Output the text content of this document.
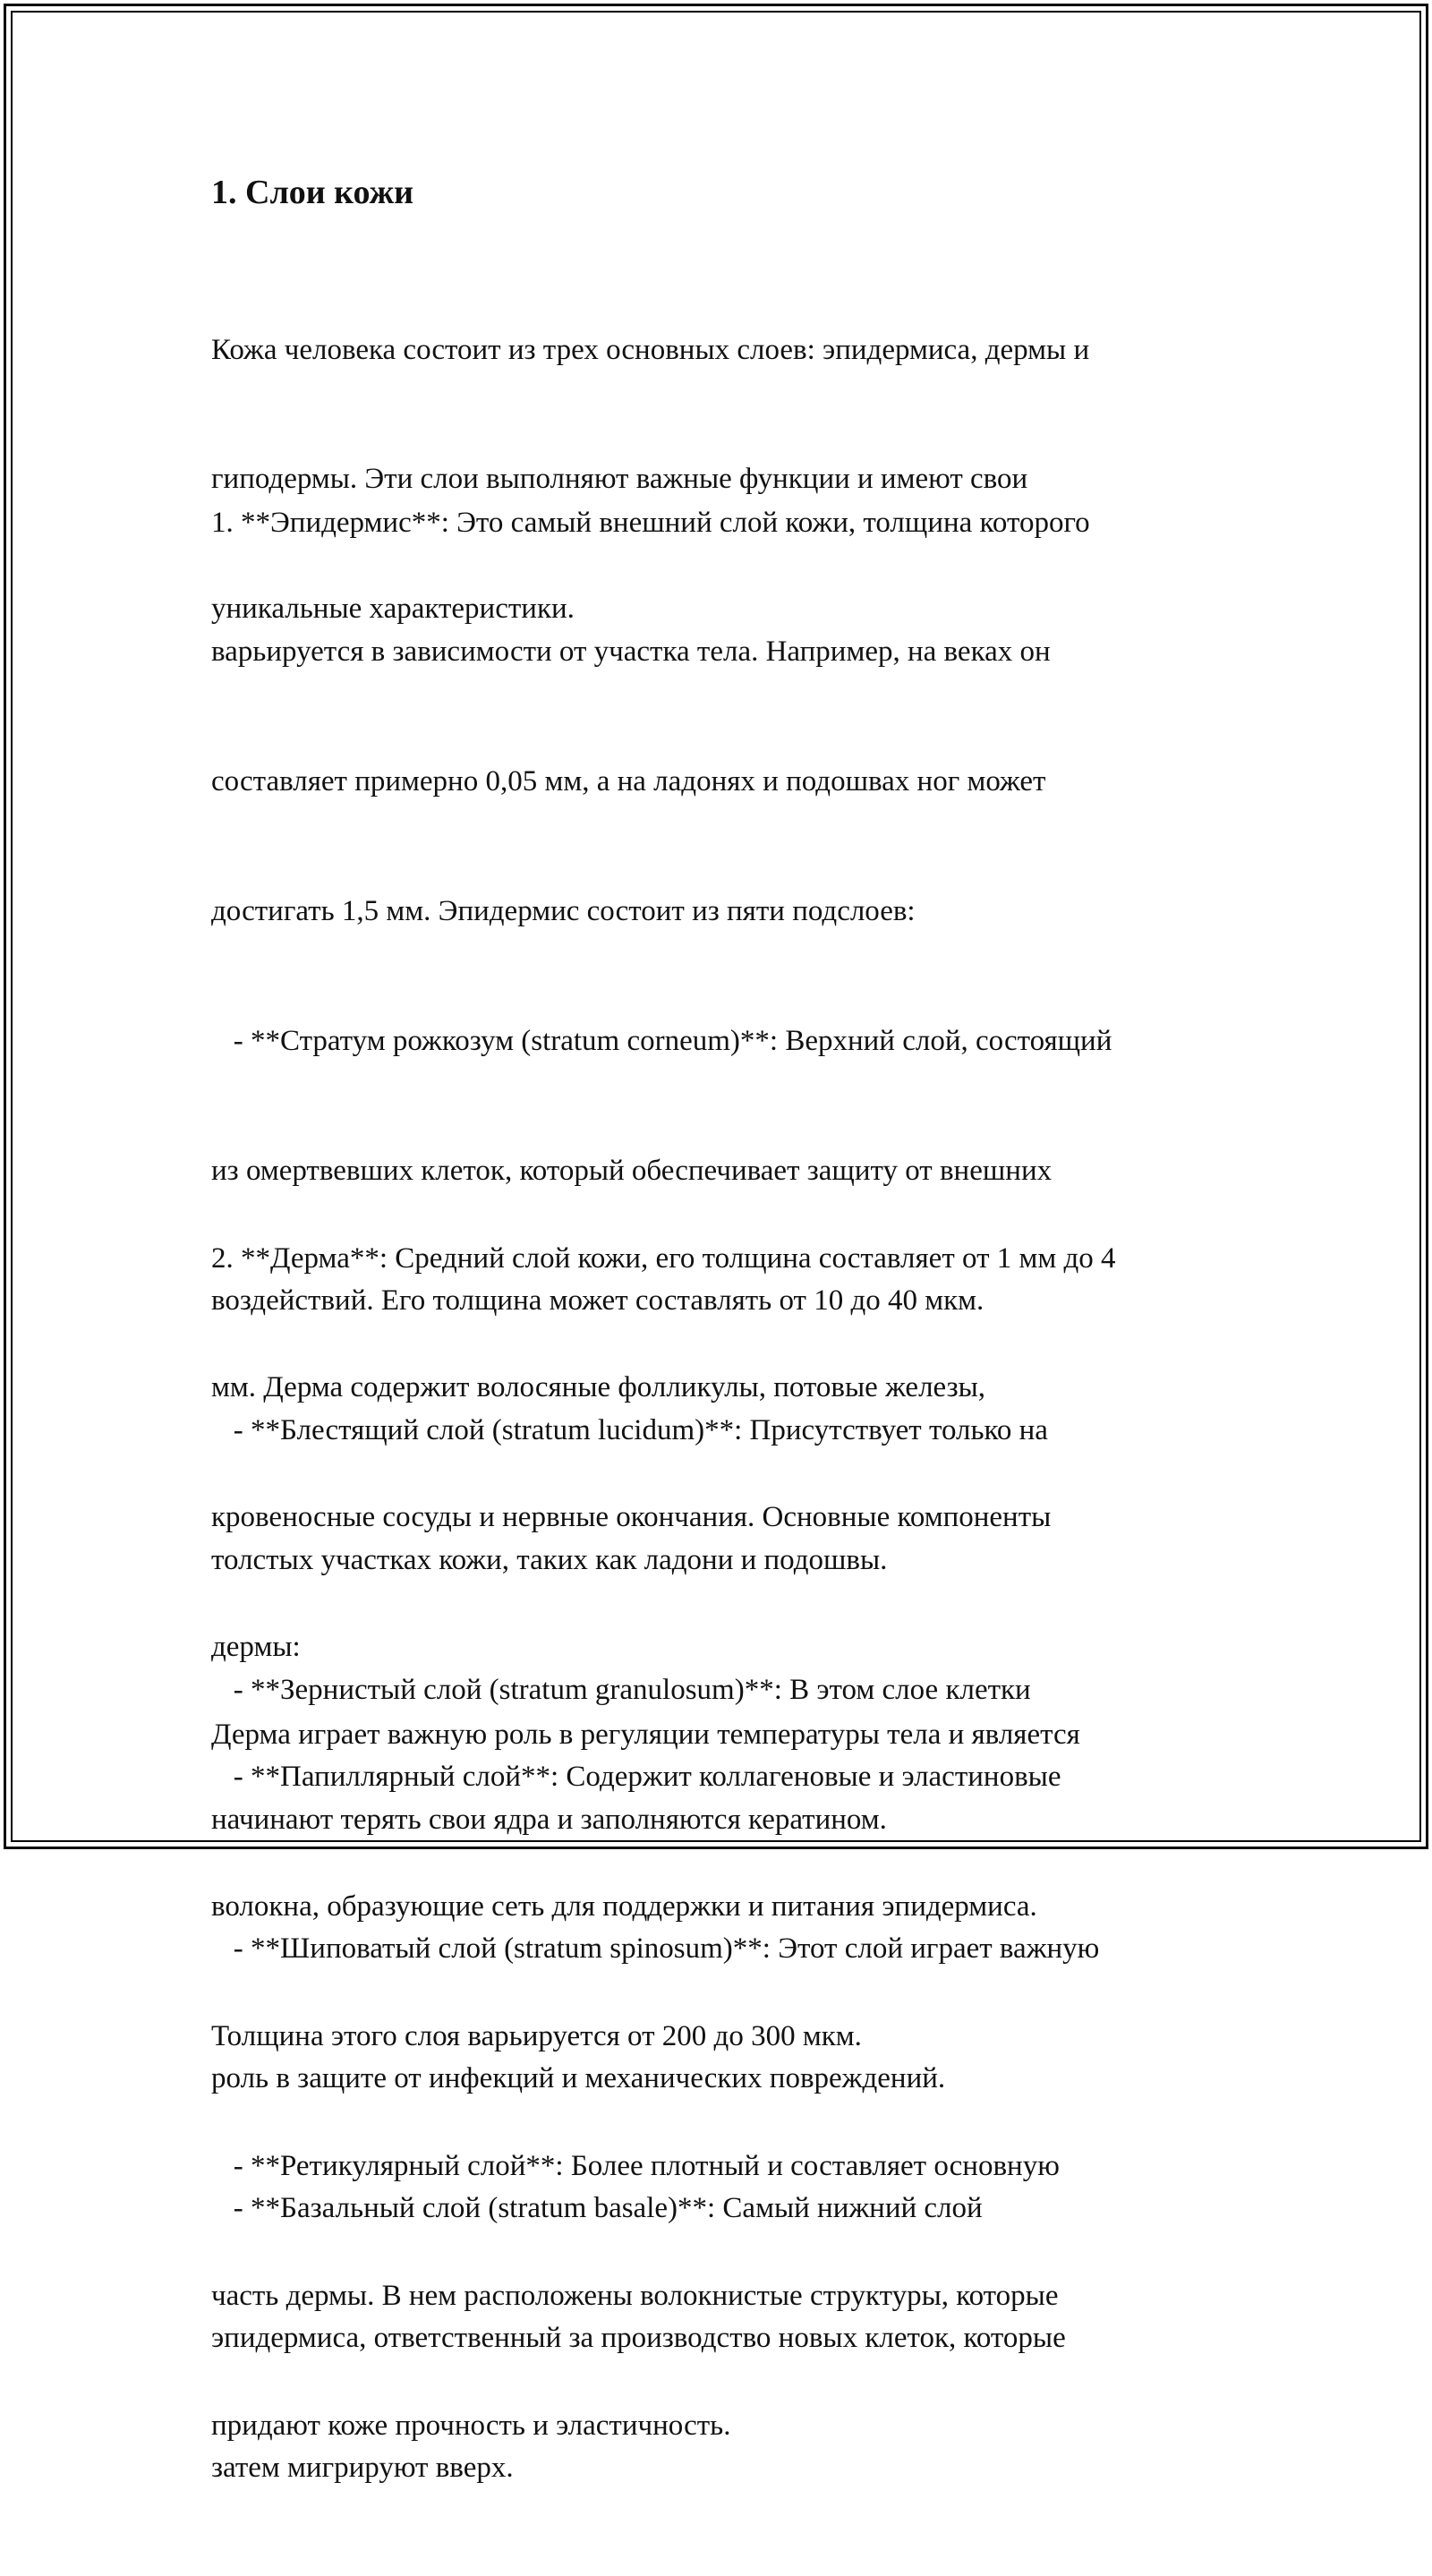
1. Слои кожи

Кожа человека состоит из трех основных слоев: эпидермиса, дермы и

гиподермы. Эти слои выполняют важные функции и имеют свои

уникальные характеристики.

1. **Эпидермис**: Это самый внешний слой кожи, толщина которого

варьируется в зависимости от участка тела. Например, на веках он

составляет примерно 0,05 мм, а на ладонях и подошвах ног может

достигать 1,5 мм. Эпидермис состоит из пяти подслоев:

- **Стратум рожкозум (stratum corneum)**: Верхний слой, состоящий

из омертвевших клеток, который обеспечивает защиту от внешних

воздействий. Его толщина может составлять от 10 до 40 мкм.

- **Блестящий слой (stratum lucidum)**: Присутствует только на

толстых участках кожи, таких как ладони и подошвы.

- **Зернистый слой (stratum granulosum)**: В этом слое клетки

начинают терять свои ядра и заполняются кератином.

- **Шиповатый слой (stratum spinosum)**: Этот слой играет важную

роль в защите от инфекций и механических повреждений.

- **Базальный слой (stratum basale)**: Самый нижний слой

эпидермиса, ответственный за производство новых клеток, которые

затем мигрируют вверх.

2. **Дерма**: Средний слой кожи, его толщина составляет от 1 мм до 4

мм. Дерма содержит волосяные фолликулы, потовые железы,

кровеносные сосуды и нервные окончания. Основные компоненты

дермы:

- **Папиллярный слой**: Содержит коллагеновые и эластиновые

волокна, образующие сеть для поддержки и питания эпидермиса.

Толщина этого слоя варьируется от 200 до 300 мкм.

- **Ретикулярный слой**: Более плотный и составляет основную

часть дермы. В нем расположены волокнистые структуры, которые

придают коже прочность и эластичность.

Дерма играет важную роль в регуляции температуры тела и является
